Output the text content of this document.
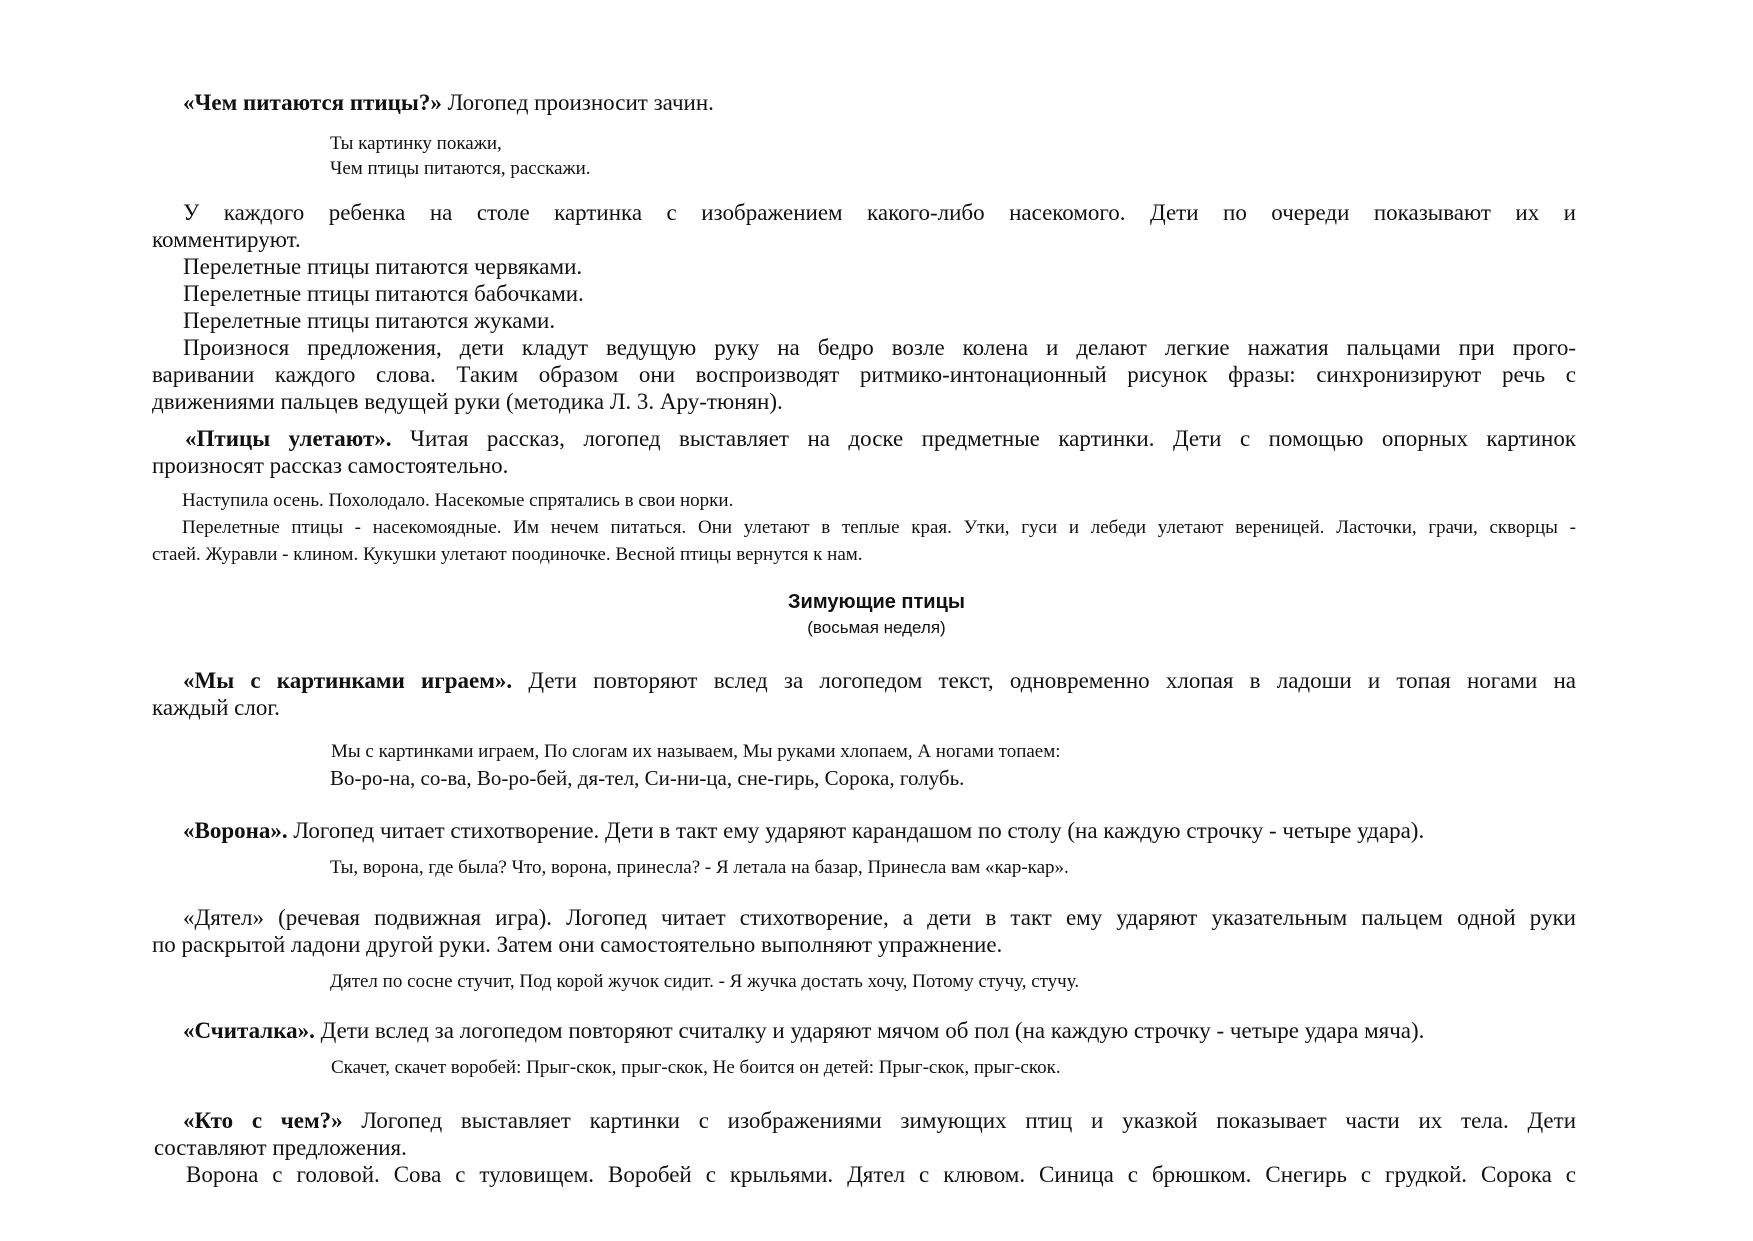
«Чем питаются птицы?» Логопед произносит зачин.

Ты картинку покажи,

Чем птицы питаются, расскажи.

У каждого ребенка на столе картинка с изображением какого-либо насекомого. Дети по очереди показывают их и

комментируют.

Перелетные птицы питаются червяками.

Перелетные птицы питаются бабочками.

Перелетные птицы питаются жуками.

Произнося предложения, дети кладут ведущую руку на бедро возле колена и делают легкие нажатия пальцами при прого-

варивании каждого слова. Таким образом они воспроизводят ритмико-интонационный рисунок фразы: синхронизируют речь с

движениями пальцев ведущей руки (методика Л. 3. Ару-тюнян).

«Птицы улетают». Читая рассказ, логопед выставляет на доске предметные картинки. Дети с помощью опорных картинок

произносят рассказ самостоятельно.

Наступила осень. Похолодало. Насекомые спрятались в свои норки.

Перелетные птицы - насекомоядные. Им нечем питаться. Они улетают в теплые края. Утки, гуси и лебеди улетают вереницей. Ласточки, грачи, скворцы -

стаей. Журавли - клином. Кукушки улетают поодиночке. Весной птицы вернутся к нам.

Зимующие птицы

(восьмая неделя)

«Мы с картинками играем». Дети повторяют вслед за логопедом текст, одновременно хлопая в ладоши и топая ногами на

каждый слог.

Мы с картинками играем, По слогам их называем, Мы руками хлопаем, А ногами топаем:

Во-ро-на, со-ва, Во-ро-бей, дя-тел, Си-ни-ца, сне-гирь, Сорока, голубь.

«Ворона». Логопед читает стихотворение. Дети в такт ему ударяют карандашом по столу (на каждую строчку - четыре удара).

Ты, ворона, где была? Что, ворона, принесла? - Я летала на базар, Принесла вам «кар-кар».

«Дятел» (речевая подвижная игра). Логопед читает стихотворение, а дети в такт ему ударяют указательным пальцем одной руки

по раскрытой ладони другой руки. Затем они самостоятельно выполняют упражнение.

Дятел по сосне стучит, Под корой жучок сидит. - Я жучка достать хочу, Потому стучу, стучу.

«Считалка». Дети вслед за логопедом повторяют считалку и ударяют мячом об пол (на каждую строчку - четыре удара мяча).

Скачет, скачет воробей: Прыг-скок, прыг-скок, Не боится он детей: Прыг-скок, прыг-скок.

«Кто с чем?» Логопед выставляет картинки с изображениями зимующих птиц и указкой показывает части их тела. Дети

составляют предложения.

Ворона с головой. Сова с туловищем. Воробей с крыльями. Дятел с клювом. Синица с брюшком. Снегирь с грудкой. Сорока с
